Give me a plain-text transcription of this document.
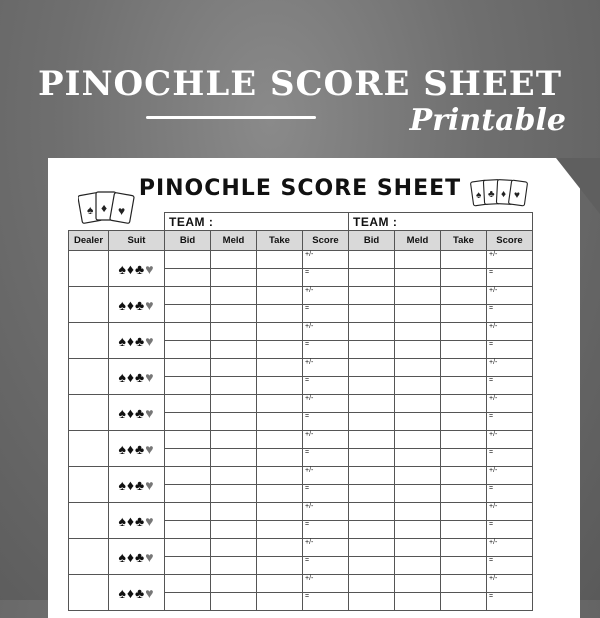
PINOCHLE SCORE SHEET
Printable
PINOCHLE SCORE SHEET
♠ ♦ ♥
♠ ♣ ♦ ♥
		TEAM :				TEAM :			
Dealer	Suit	Bid	Meld	Take	Score	Bid	Meld	Take	Score
	♠♦♣♥				+/-				+/-
					=				=
	♠♦♣♥				+/-				+/-
					=				=
	♠♦♣♥				+/-				+/-
					=				=
	♠♦♣♥				+/-				+/-
					=				=
	♠♦♣♥				+/-				+/-
					=				=
	♠♦♣♥				+/-				+/-
					=				=
	♠♦♣♥				+/-				+/-
					=				=
	♠♦♣♥				+/-				+/-
					=				=
	♠♦♣♥				+/-				+/-
					=				=
	♠♦♣♥				+/-				+/-
					=				=
